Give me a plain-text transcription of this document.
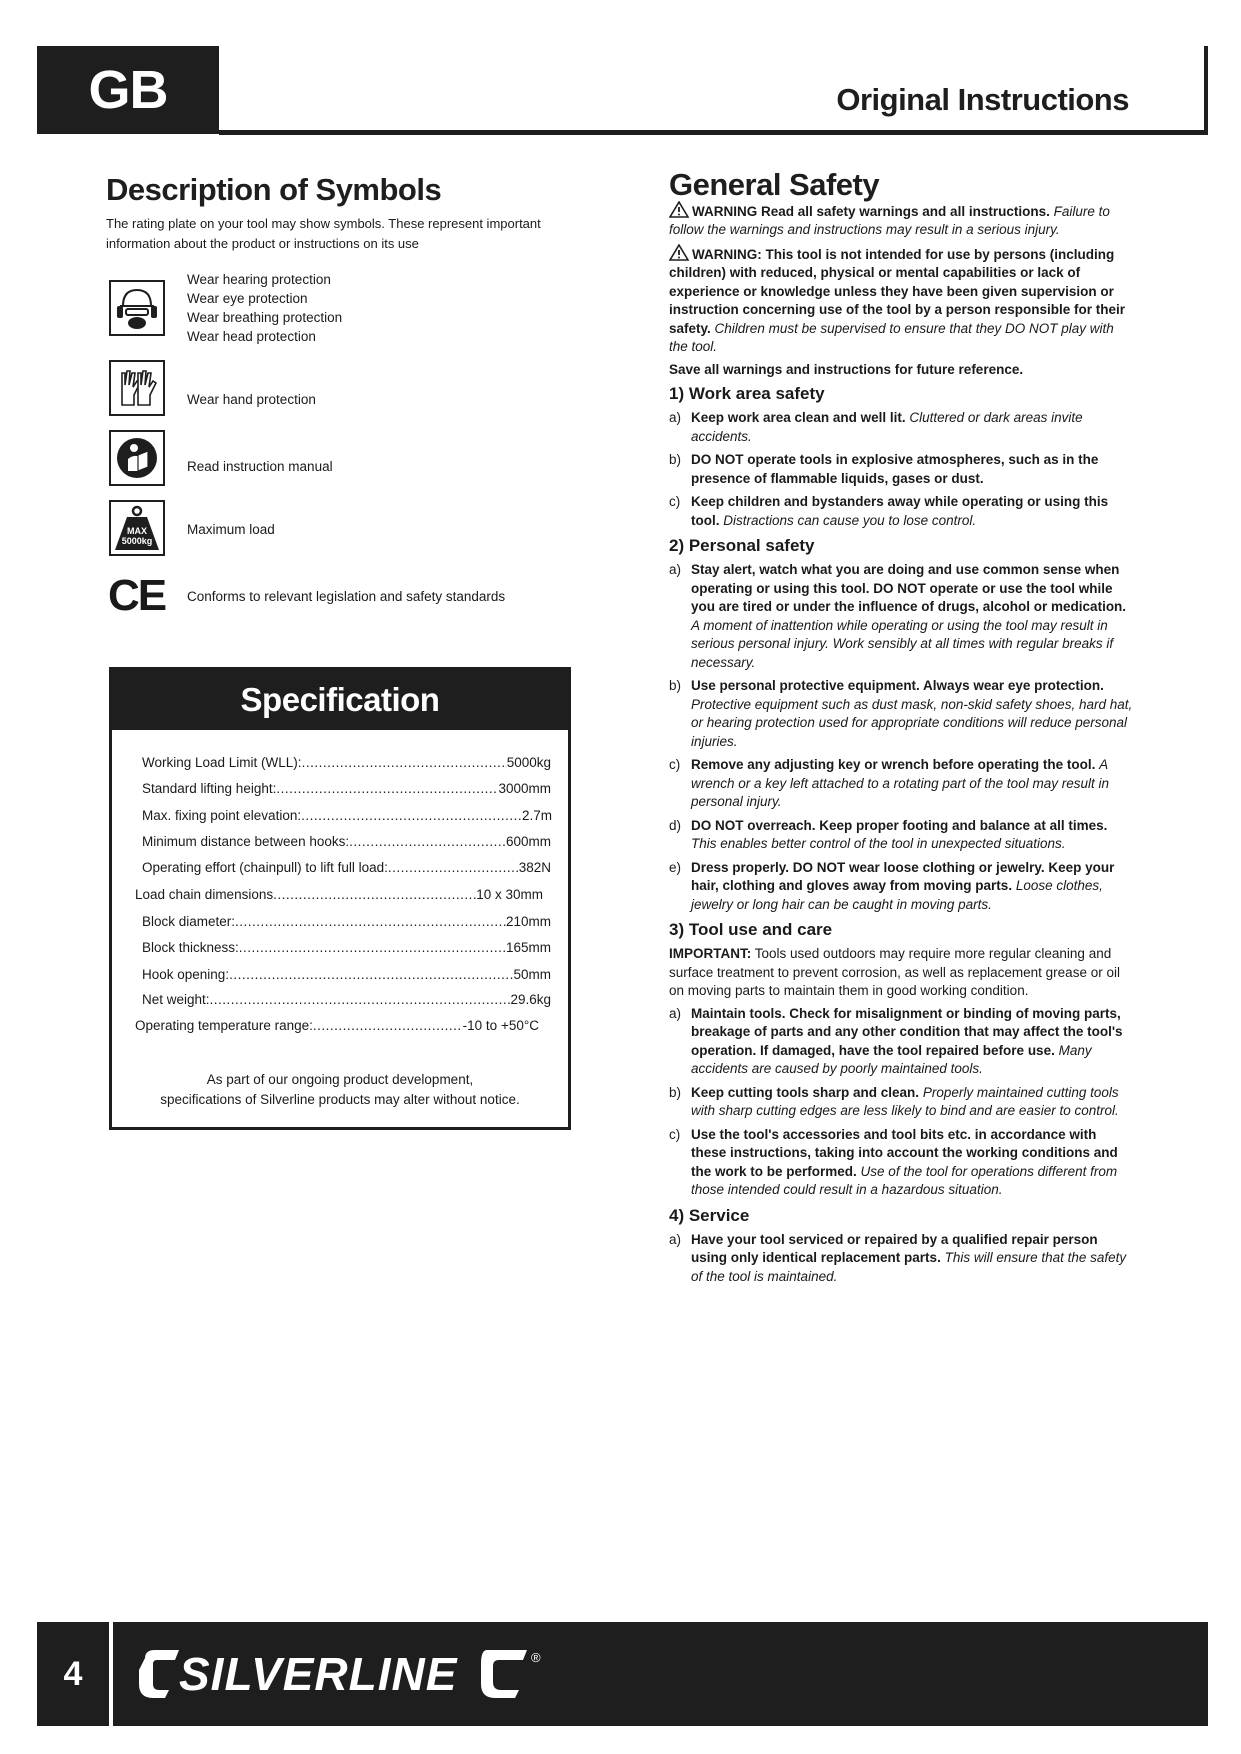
GB	Original Instructions
Description of Symbols
The rating plate on your tool may show symbols. These represent important information about the product or instructions on its use
Wear hearing protection
Wear eye protection
Wear breathing protection
Wear head protection
Wear hand protection
Read instruction manual
MAX
5000kg
Maximum load
CE Conforms to relevant legislation and safety standards
Specification
Working Load Limit (WLL): .....	5000kg
Standard lifting height: .....	3000mm
Max. fixing point elevation: .....	2.7m
Minimum distance between hooks: .....	600mm
Operating effort (chainpull) to lift full load: .....	382N
Load chain dimensions .....	10 x 30mm
Block diameter: .....	210mm
Block thickness: .....	165mm
Hook opening: .....	50mm
Net weight: .....	29.6kg
Operating temperature range: .....	-10 to +50°C
As part of our ongoing product development,
specifications of Silverline products may alter without notice.
General Safety

WARNING Read all safety warnings and all instructions. Failure to follow the warnings and instructions may result in a serious injury.

WARNING: This tool is not intended for use by persons (including children) with reduced, physical or mental capabilities or lack of experience or knowledge unless they have been given supervision or instruction concerning use of the tool by a person responsible for their safety. Children must be supervised to ensure that they DO NOT play with the tool.

Save all warnings and instructions for future reference.

1) Work area safety
a) Keep work area clean and well lit. Cluttered or dark areas invite accidents.
b) DO NOT operate tools in explosive atmospheres, such as in the presence of flammable liquids, gases or dust.
c) Keep children and bystanders away while operating or using this tool. Distractions can cause you to lose control.
2) Personal safety
a) Stay alert, watch what you are doing and use common sense when operating or using this tool. DO NOT operate or use the tool while you are tired or under the influence of drugs, alcohol or medication. A moment of inattention while operating or using the tool may result in serious personal injury. Work sensibly at all times with regular breaks if necessary.
b) Use personal protective equipment. Always wear eye protection. Protective equipment such as dust mask, non-skid safety shoes, hard hat, or hearing protection used for appropriate conditions will reduce personal injuries.
c) Remove any adjusting key or wrench before operating the tool. A wrench or a key left attached to a rotating part of the tool may result in personal injury.
d) DO NOT overreach. Keep proper footing and balance at all times. This enables better control of the tool in unexpected situations.
e) Dress properly. DO NOT wear loose clothing or jewelry. Keep your hair, clothing and gloves away from moving parts. Loose clothes, jewelry or long hair can be caught in moving parts.
3) Tool use and care

IMPORTANT: Tools used outdoors may require more regular cleaning and surface treatment to prevent corrosion, as well as replacement grease or oil on moving parts to maintain them in good working condition.

a) Maintain tools. Check for misalignment or binding of moving parts, breakage of parts and any other condition that may affect the tool's operation. If damaged, have the tool repaired before use. Many accidents are caused by poorly maintained tools.
b) Keep cutting tools sharp and clean. Properly maintained cutting tools with sharp cutting edges are less likely to bind and are easier to control.
c) Use the tool's accessories and tool bits etc. in accordance with these instructions, taking into account the working conditions and the work to be performed. Use of the tool for operations different from those intended could result in a hazardous situation.
4) Service
a) Have your tool serviced or repaired by a qualified repair person using only identical replacement parts. This will ensure that the safety of the tool is maintained.
4	SILVERLINE	®
